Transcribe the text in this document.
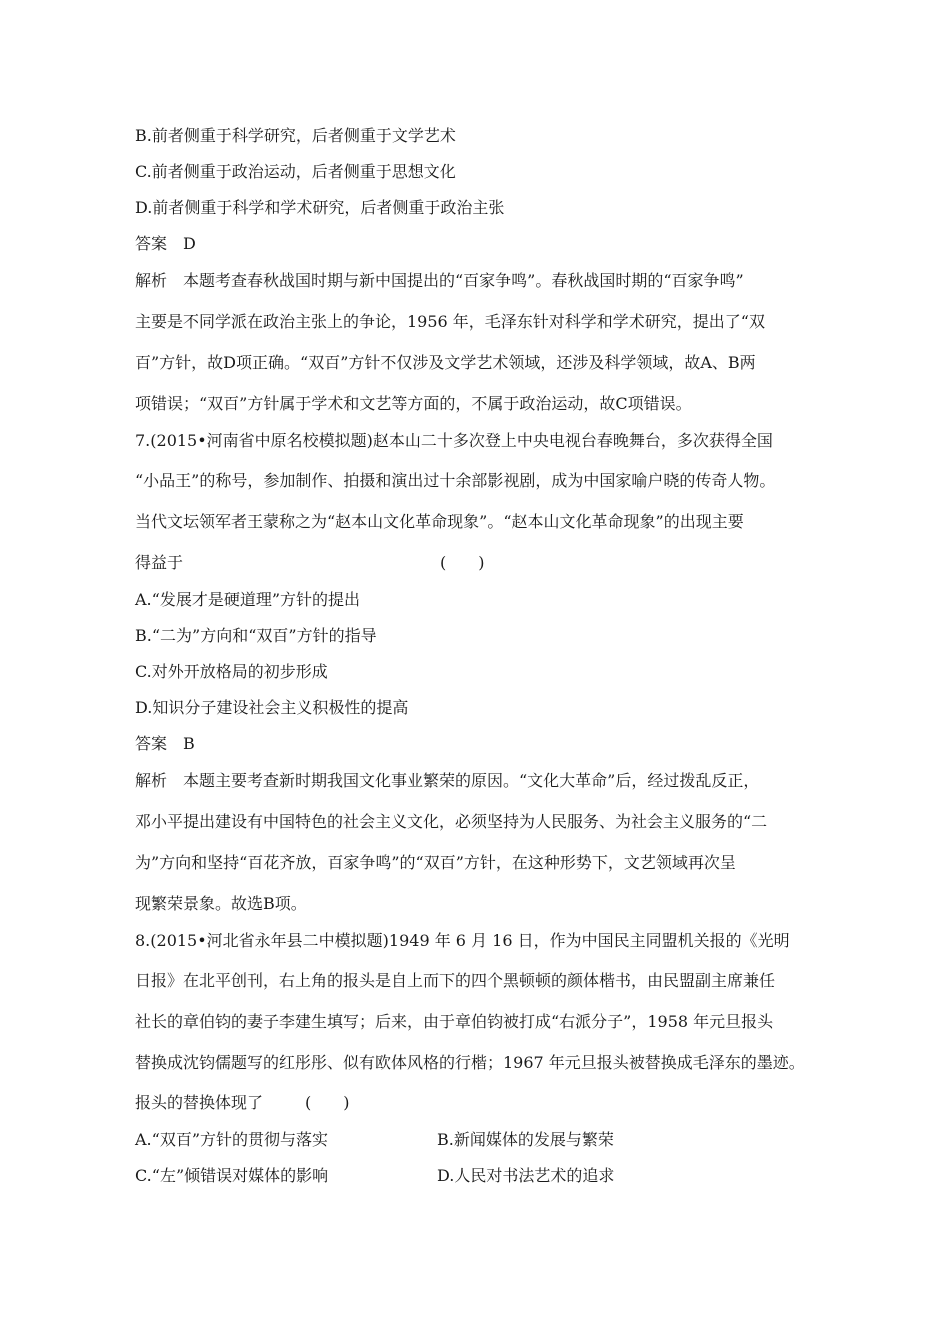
B.前者侧重于科学研究，后者侧重于文学艺术
C.前者侧重于政治运动，后者侧重于思想文化
D.前者侧重于科学和学术研究，后者侧重于政治主张
答案　D
解析　本题考查春秋战国时期与新中国提出的“百家争鸣”。春秋战国时期的“百家争鸣”
主要是不同学派在政治主张上的争论，1956 年，毛泽东针对科学和学术研究，提出了“双
百”方针，故D项正确。“双百”方针不仅涉及文学艺术领域，还涉及科学领域，故A、B两
项错误；“双百”方针属于学术和文艺等方面的，不属于政治运动，故C项错误。
7.(2015•河南省中原名校模拟题)赵本山二十多次登上中央电视台春晚舞台，多次获得全国
“小品王”的称号，参加制作、拍摄和演出过十余部影视剧，成为中国家喻户晓的传奇人物。
当代文坛领军者王蒙称之为“赵本山文化革命现象”。“赵本山文化革命现象”的出现主要
得益于	(　　)
A.“发展才是硬道理”方针的提出
B.“二为”方向和“双百”方针的指导
C.对外开放格局的初步形成
D.知识分子建设社会主义积极性的提高
答案　B
解析　本题主要考查新时期我国文化事业繁荣的原因。“文化大革命”后，经过拨乱反正，
邓小平提出建设有中国特色的社会主义文化，必须坚持为人民服务、为社会主义服务的“二
为”方向和坚持“百花齐放，百家争鸣”的“双百”方针，在这种形势下，文艺领域再次呈
现繁荣景象。故选B项。
8.(2015•河北省永年县二中模拟题)1949 年 6 月 16 日，作为中国民主同盟机关报的《光明
日报》在北平创刊，右上角的报头是自上而下的四个黑顿顿的颜体楷书，由民盟副主席兼任
社长的章伯钧的妻子李建生填写；后来，由于章伯钧被打成“右派分子”，1958 年元旦报头
替换成沈钧儒题写的红彤彤、似有欧体风格的行楷；1967 年元旦报头被替换成毛泽东的墨迹。
报头的替换体现了	(　　)
A.“双百”方针的贯彻与落实	B.新闻媒体的发展与繁荣
C.“左”倾错误对媒体的影响	D.人民对书法艺术的追求
